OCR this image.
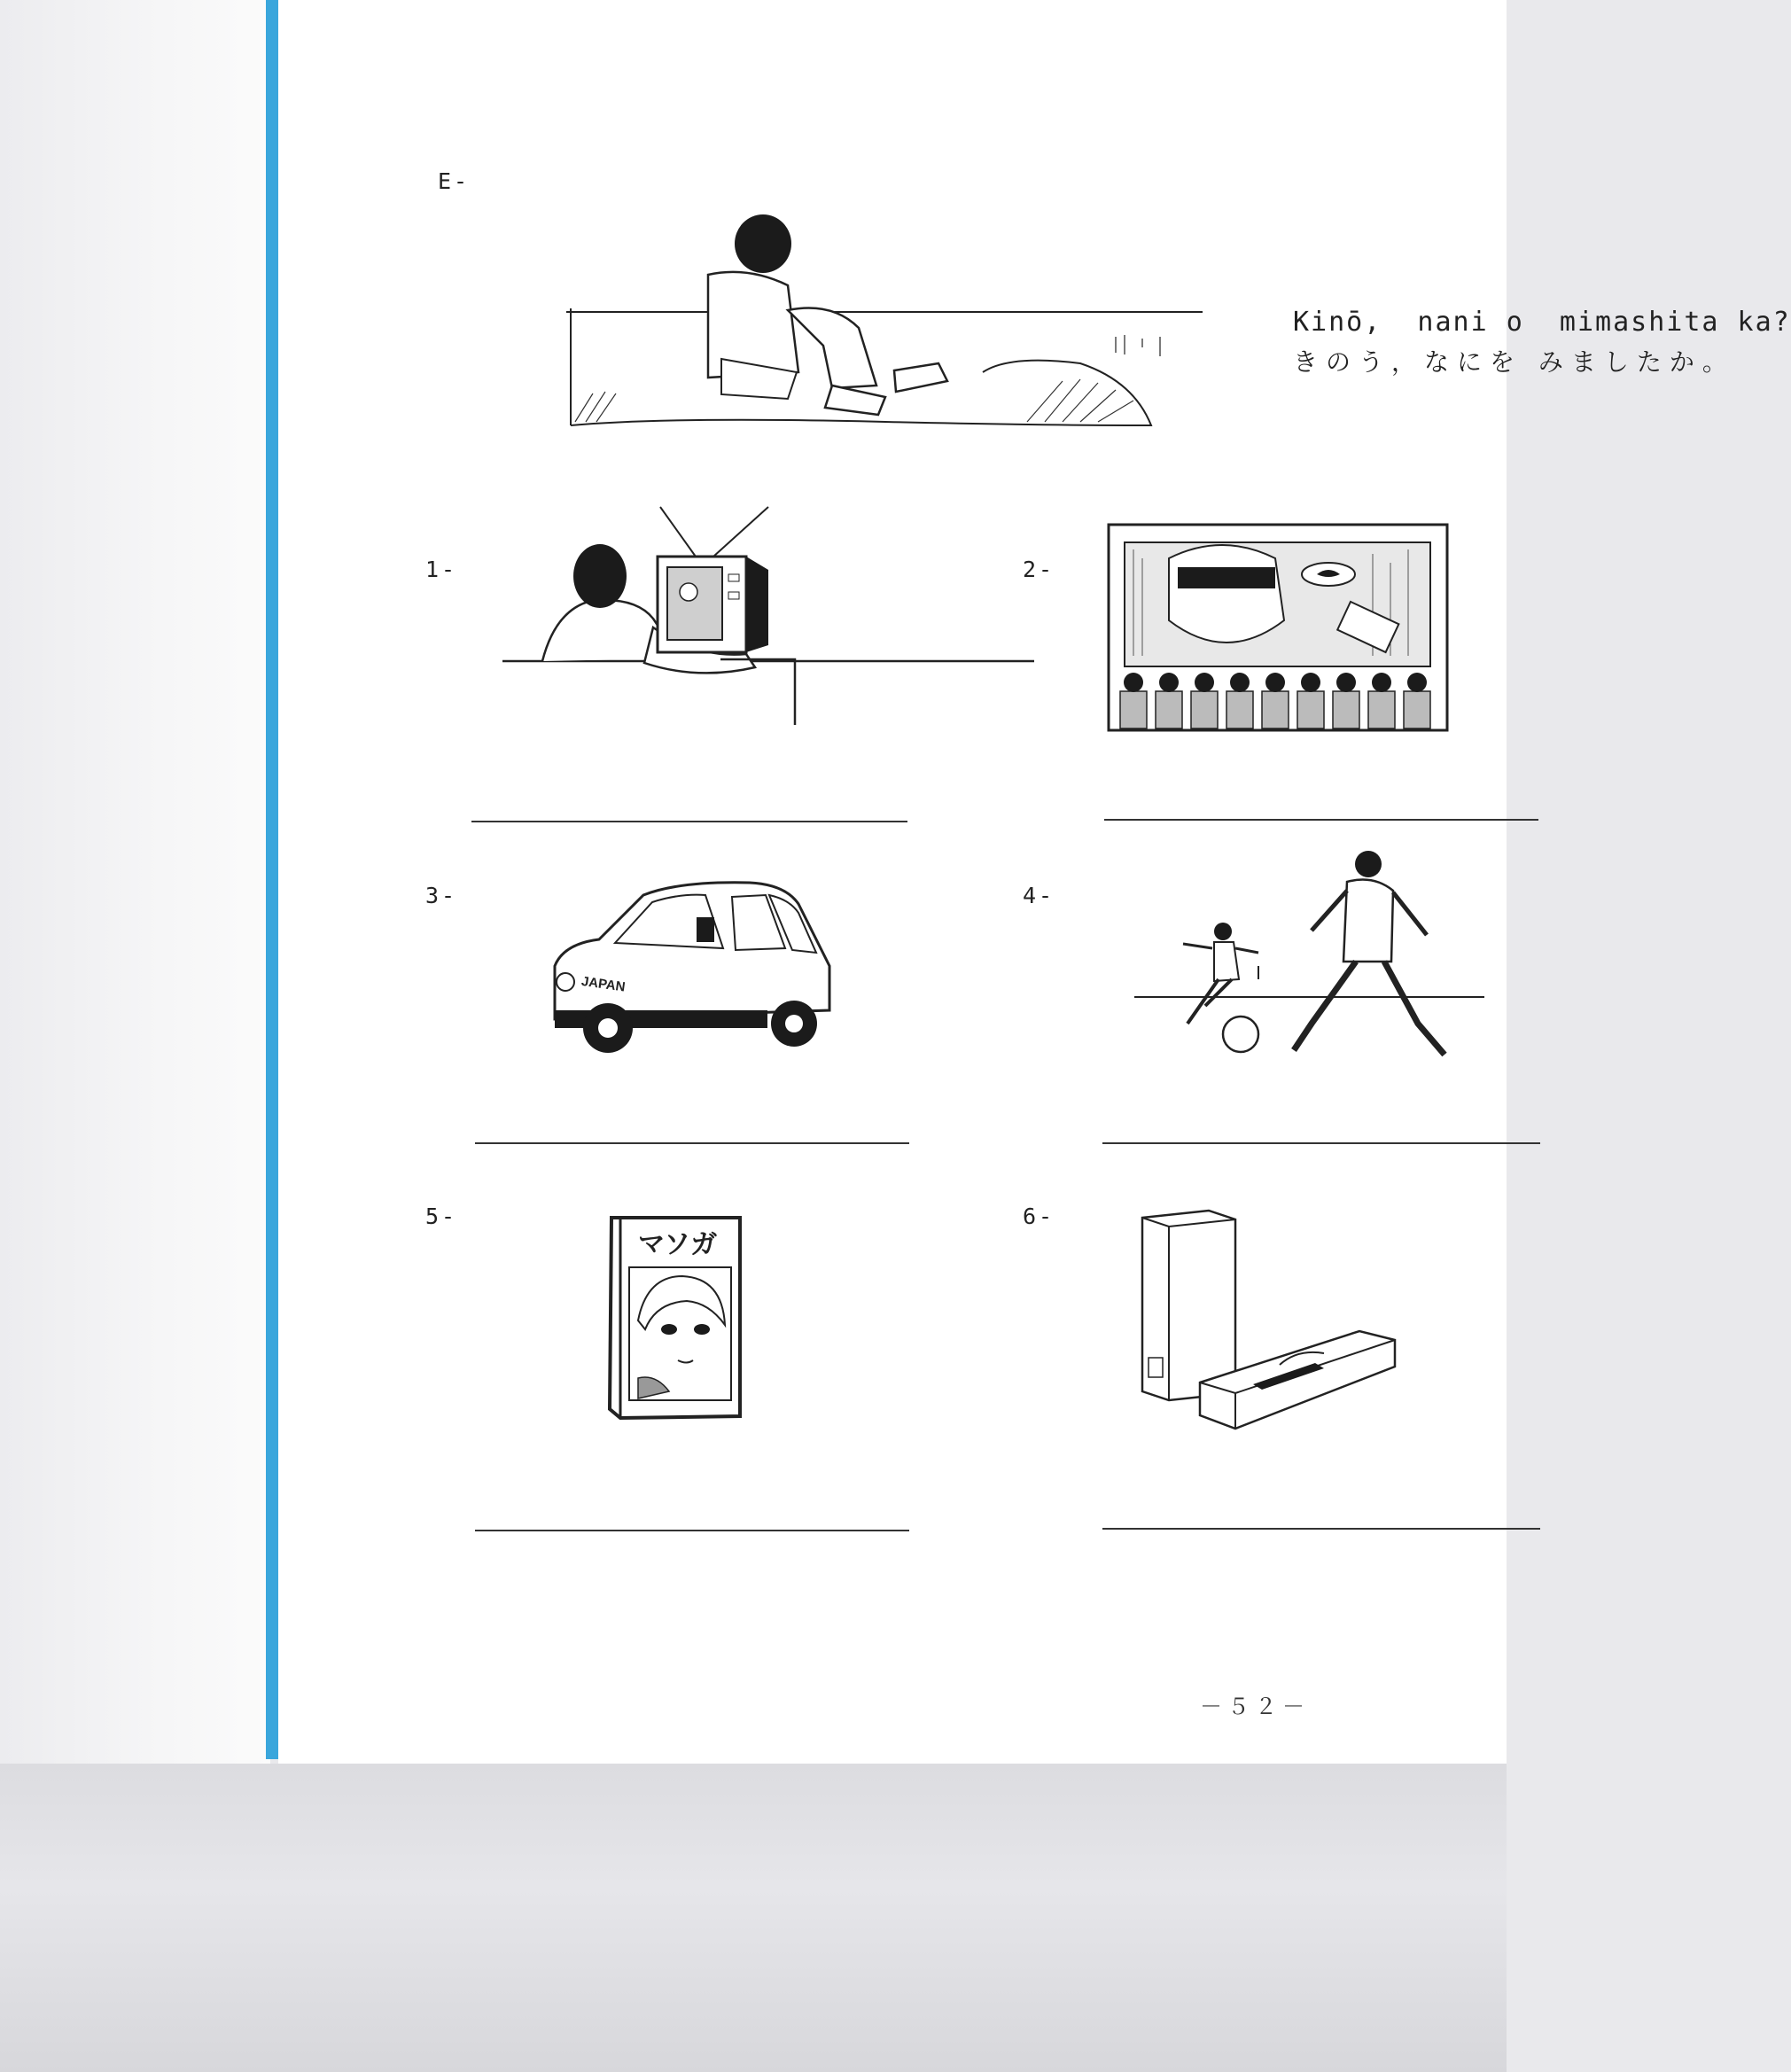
E-
Kinō,  nani o  mimashita ka?
きのう，なにを みましたか。
1-	2-
3-
JAPAN
4-
5-
マソガ
6-
－５２－
